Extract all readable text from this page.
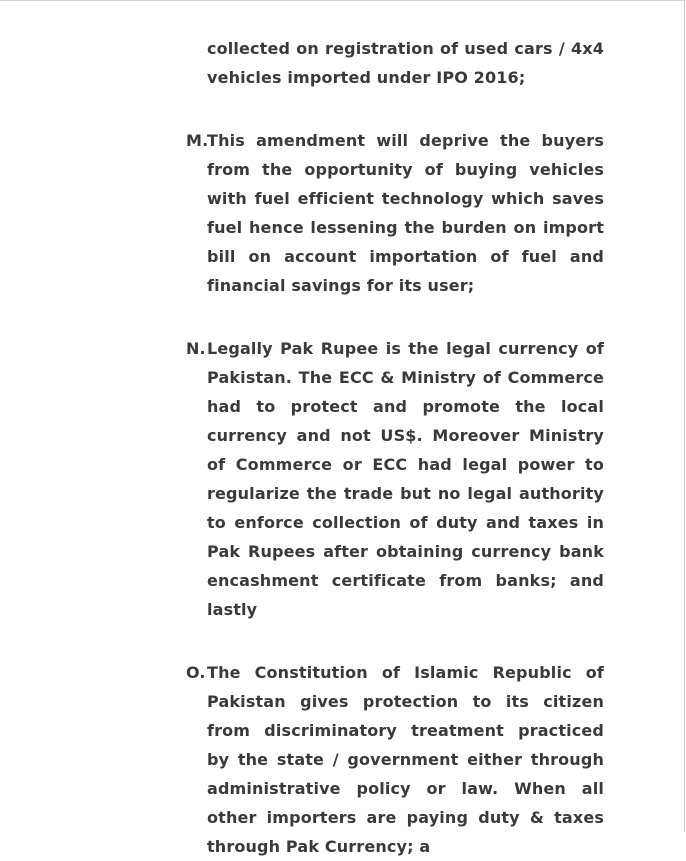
collected on registration of used cars / 4x4 vehicles imported under IPO 2016;
M.
This amendment will deprive the buyers from the opportunity of buying vehicles with fuel efficient technology which saves fuel hence lessening the burden on import bill on account importation of fuel and financial savings for its user;
N. Legally Pak Rupee is the legal currency of Pakistan. The ECC & Ministry of Commerce had to protect and promote the local currency and not US$. Moreover Ministry of Commerce or ECC had legal power to regularize the trade but no legal authority to enforce collection of duty and taxes in Pak Rupees after obtaining currency bank encashment certificate from banks; and lastly
O. The Constitution of Islamic Republic of Pakistan gives protection to its citizen from discriminatory treatment practiced by the state / government either through administrative policy or law. When all other importers are paying duty & taxes through Pak Currency; a
